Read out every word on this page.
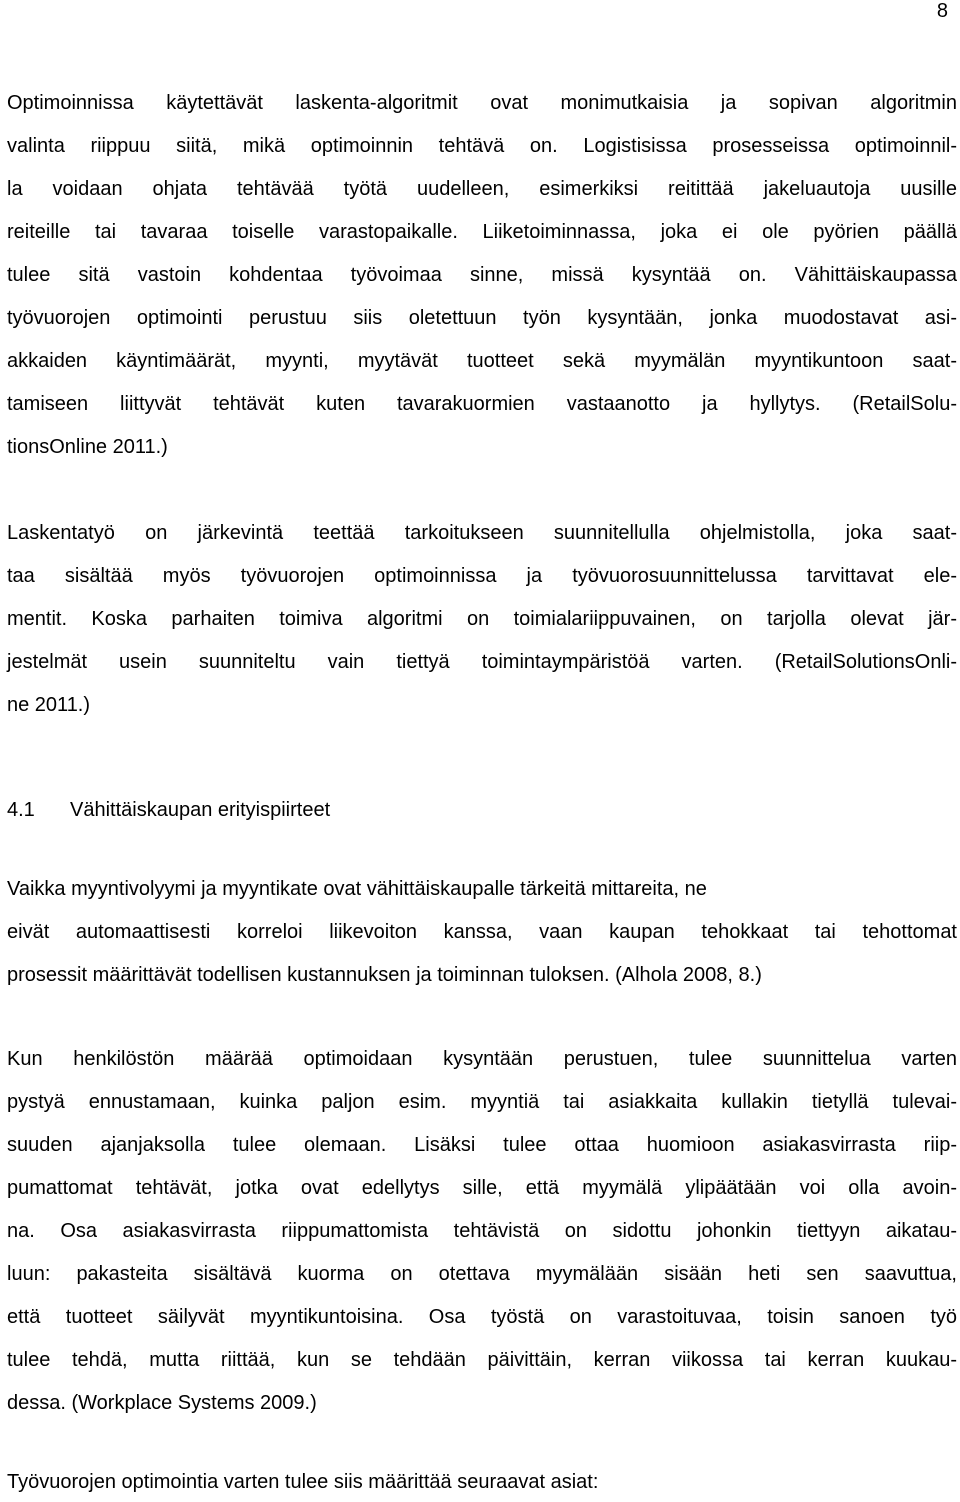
8
Optimoinnissa käytettävät laskenta-algoritmit ovat monimutkaisia ja sopivan algoritmin
valinta riippuu siitä, mikä optimoinnin tehtävä on. Logistisissa prosesseissa optimoinnil-
la voidaan ohjata tehtävää työtä uudelleen, esimerkiksi reitittää jakeluautoja uusille
reiteille tai tavaraa toiselle varastopaikalle. Liiketoiminnassa, joka ei ole pyörien päällä
tulee sitä vastoin kohdentaa työvoimaa sinne, missä kysyntää on. Vähittäiskaupassa
työvuorojen optimointi perustuu siis oletettuun työn kysyntään, jonka muodostavat asi-
akkaiden käyntimäärät, myynti, myytävät tuotteet sekä myymälän myyntikuntoon saat-
tamiseen liittyvät tehtävät kuten tavarakuormien vastaanotto ja hyllytys. (RetailSolu-
tionsOnline 2011.)
Laskentatyö on järkevintä teettää tarkoitukseen suunnitellulla ohjelmistolla, joka saat-
taa sisältää myös työvuorojen optimoinnissa ja työvuorosuunnittelussa tarvittavat ele-
mentit. Koska parhaiten toimiva algoritmi on toimialariippuvainen, on tarjolla olevat jär-
jestelmät usein suunniteltu vain tiettyä toimintaympäristöä varten. (RetailSolutionsOnli-
ne 2011.)
4.1 Vähittäiskaupan erityispiirteet
Vaikka myyntivolyymi ja myyntikate ovat vähittäiskaupalle tärkeitä mittareita, ne
eivät automaattisesti korreloi liikevoiton kanssa, vaan kaupan tehokkaat tai tehottomat
prosessit määrittävät todellisen kustannuksen ja toiminnan tuloksen. (Alhola 2008, 8.)
Kun henkilöstön määrää optimoidaan kysyntään perustuen, tulee suunnittelua varten
pystyä ennustamaan, kuinka paljon esim. myyntiä tai asiakkaita kullakin tietyllä tulevai-
suuden ajanjaksolla tulee olemaan. Lisäksi tulee ottaa huomioon asiakasvirrasta riip-
pumattomat tehtävät, jotka ovat edellytys sille, että myymälä ylipäätään voi olla avoin-
na. Osa asiakasvirrasta riippumattomista tehtävistä on sidottu johonkin tiettyyn aikatau-
luun: pakasteita sisältävä kuorma on otettava myymälään sisään heti sen saavuttua,
että tuotteet säilyvät myyntikuntoisina. Osa työstä on varastoituvaa, toisin sanoen työ
tulee tehdä, mutta riittää, kun se tehdään päivittäin, kerran viikossa tai kerran kuukau-
dessa. (Workplace Systems 2009.)
Työvuorojen optimointia varten tulee siis määrittää seuraavat asiat:
